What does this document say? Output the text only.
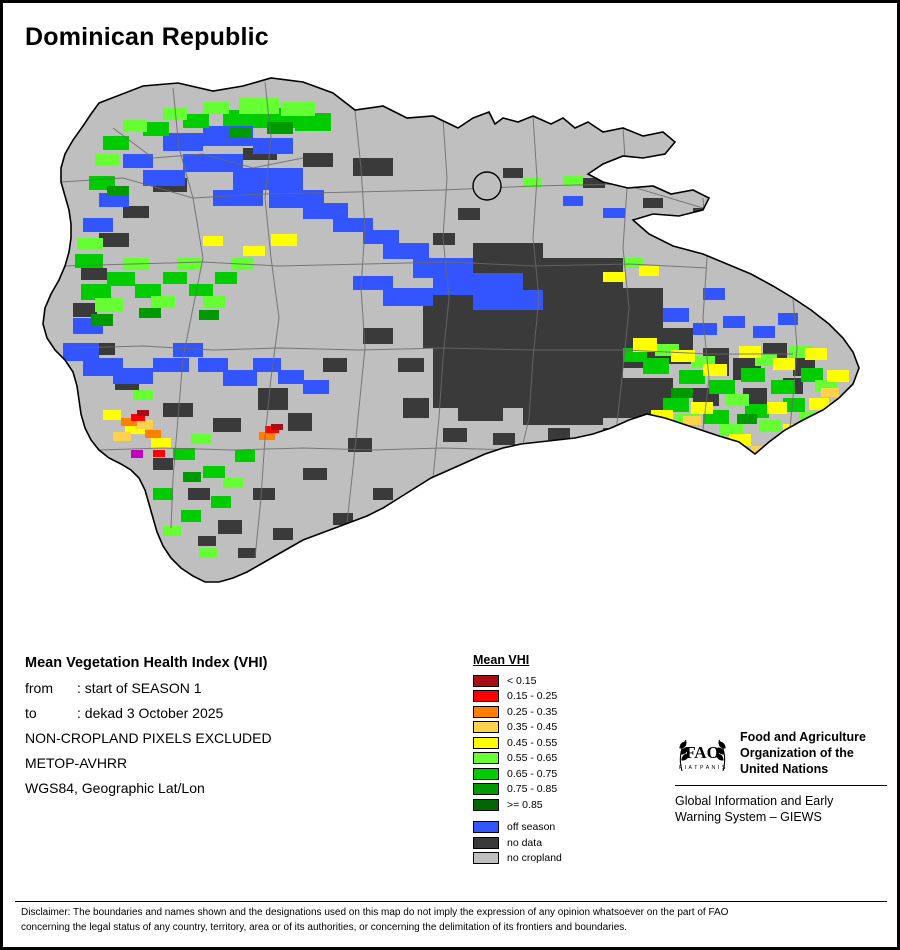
Dominican Republic
Mean Vegetation Health Index (VHI)
from : start of SEASON 1
to	: dekad 3 October 2025
NON-CROPLAND PIXELS EXCLUDED
METOP-AVHRR
WGS84, Geographic Lat/Lon
Mean VHI
< 0.15
0.15 - 0.25
0.25 - 0.35
0.35 - 0.45
0.45 - 0.55
0.55 - 0.65
0.65 - 0.75
0.75 - 0.85
>= 0.85
off season
no data
no cropland
FAO
F I A T P A N I S
Food and Agriculture
Organization of the
United Nations
Global Information and Early
Warning System – GIEWS
Disclaimer: The boundaries and names shown and the designations used on this map do not imply the expression of any opinion whatsoever on the part of FAO
concerning the legal status of any country, territory, area or of its authorities, or concerning the delimitation of its frontiers and boundaries.
